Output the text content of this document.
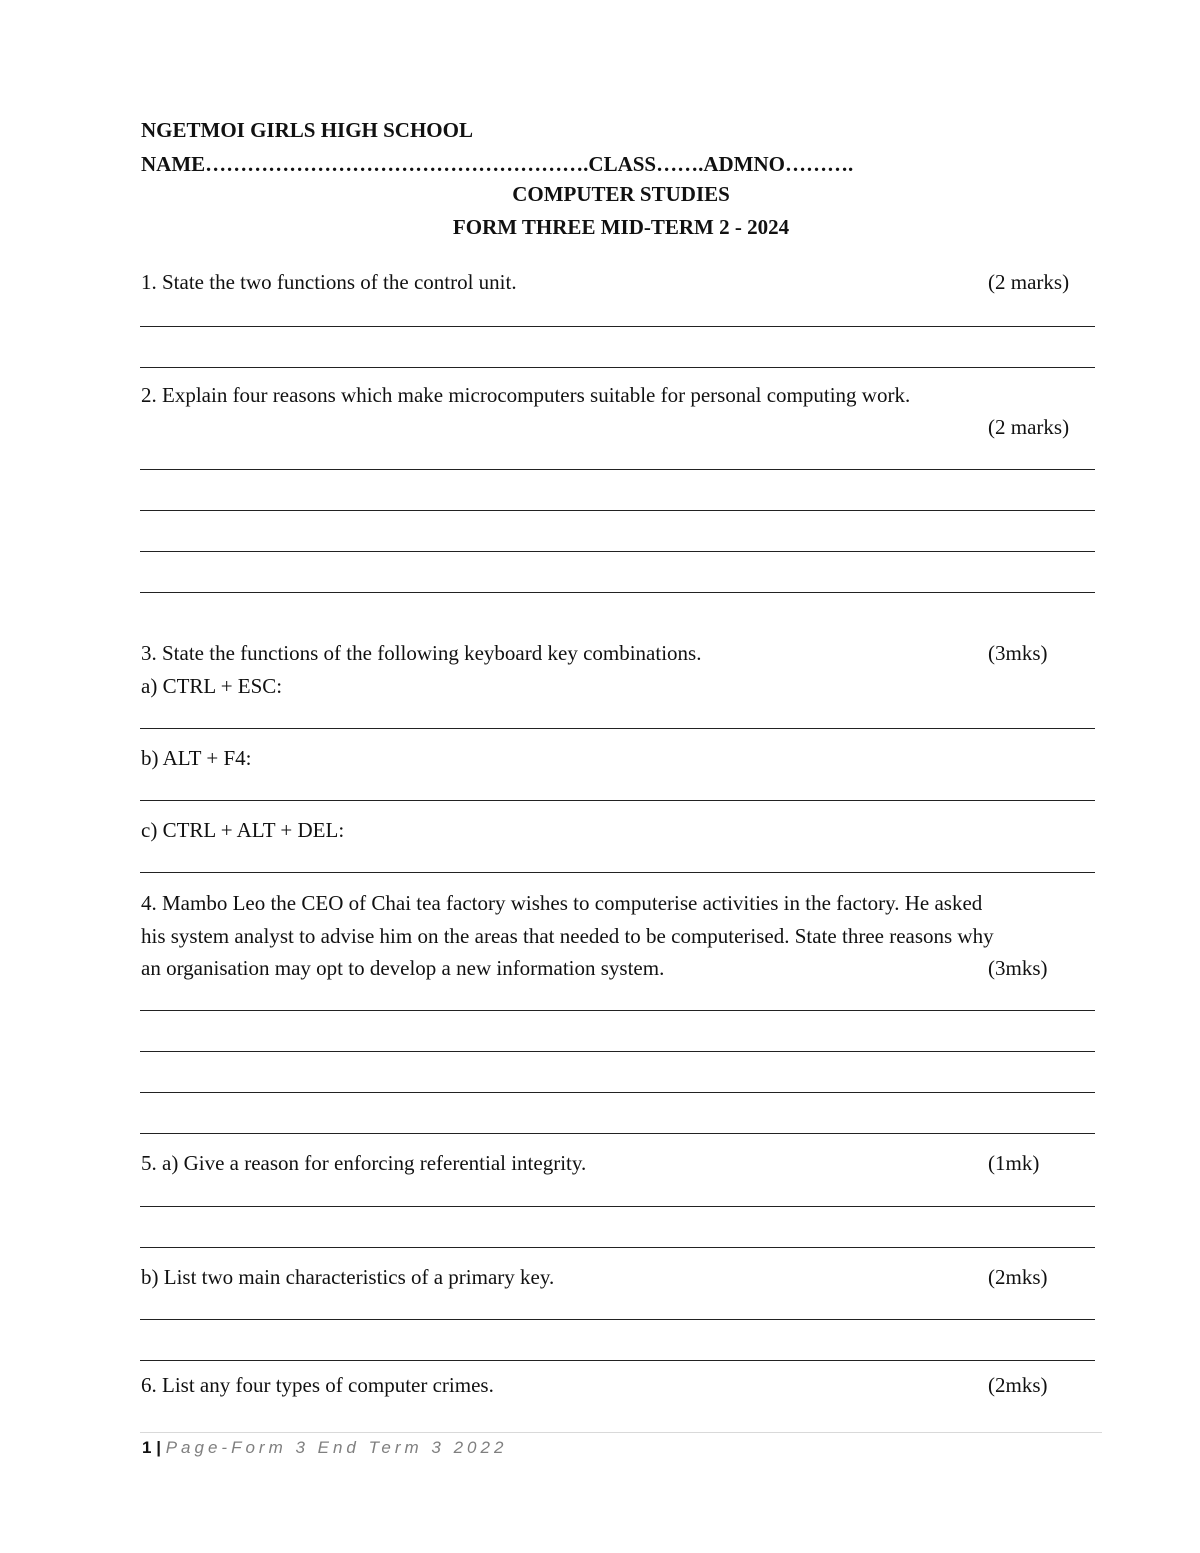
NGETMOI GIRLS HIGH SCHOOL
NAME……………………………………………….CLASS…….ADMNO……….
COMPUTER STUDIES
FORM THREE MID-TERM 2 - 2024
1. State the two functions of the control unit.	(2 marks)
2. Explain four reasons which make microcomputers suitable for personal computing work.
(2 marks)
3. State the functions of the following keyboard key combinations.	(3mks)
a) CTRL + ESC:
b) ALT + F4:
c) CTRL + ALT + DEL:
4. Mambo Leo the CEO of Chai tea factory wishes to computerise activities in the factory. He asked
his system analyst to advise him on the areas that needed to be computerised. State three reasons why
an organisation may opt to develop a new information system.	(3mks)
5. a) Give a reason for enforcing referential integrity.	(1mk)
b) List two main characteristics of a primary key.	(2mks)
6. List any four types of computer crimes.	(2mks)
1 | Page-Form 3 End Term 3 2022
